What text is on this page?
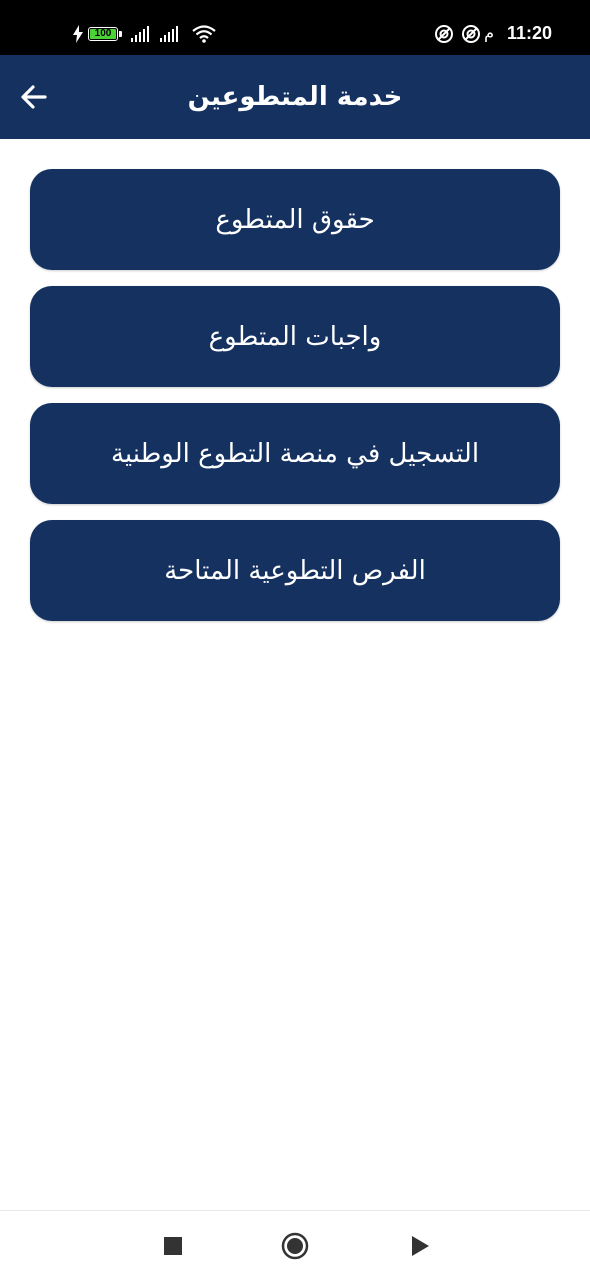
100	م 11:20
خدمة المتطوعين
حقوق المتطوع
واجبات المتطوع
التسجيل في منصة التطوع الوطنية
الفرص التطوعية المتاحة
